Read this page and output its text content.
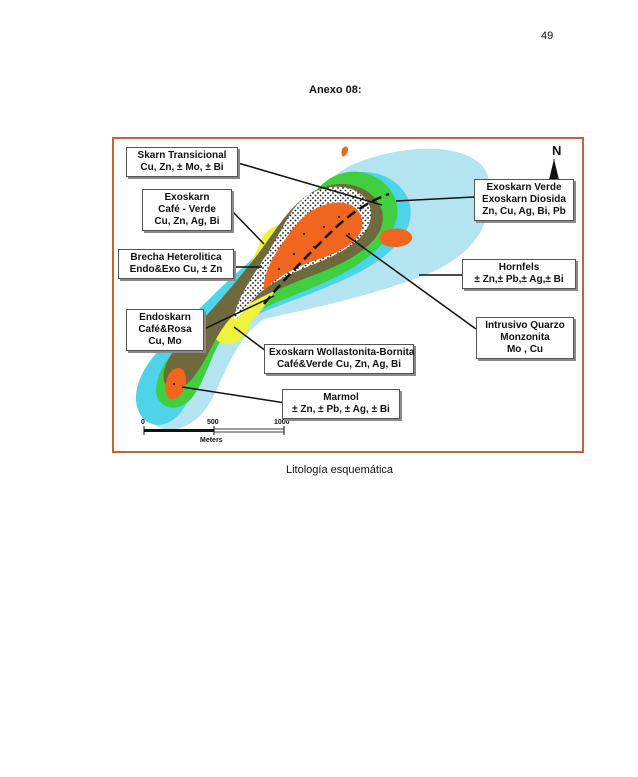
49
Anexo 08:
N
0	500	1000
Meters
Skarn Transicional
Cu, Zn, ± Mo, ± Bi
Exoskarn
Café - Verde
Cu, Zn, Ag, Bi
Brecha Heterolitica
Endo&Exo Cu, ± Zn
Endoskarn
Café&Rosa
Cu, Mo
Exoskarn Verde
Exoskarn Diosida
Zn, Cu, Ag, Bi, Pb
Hornfels
± Zn,± Pb,± Ag,± Bi
Intrusivo Quarzo
Monzonita
Mo , Cu
Exoskarn Wollastonita-Bornita
Café&Verde Cu, Zn, Ag, Bi
Marmol
± Zn, ± Pb, ± Ag, ± Bi
Litología esquemática
